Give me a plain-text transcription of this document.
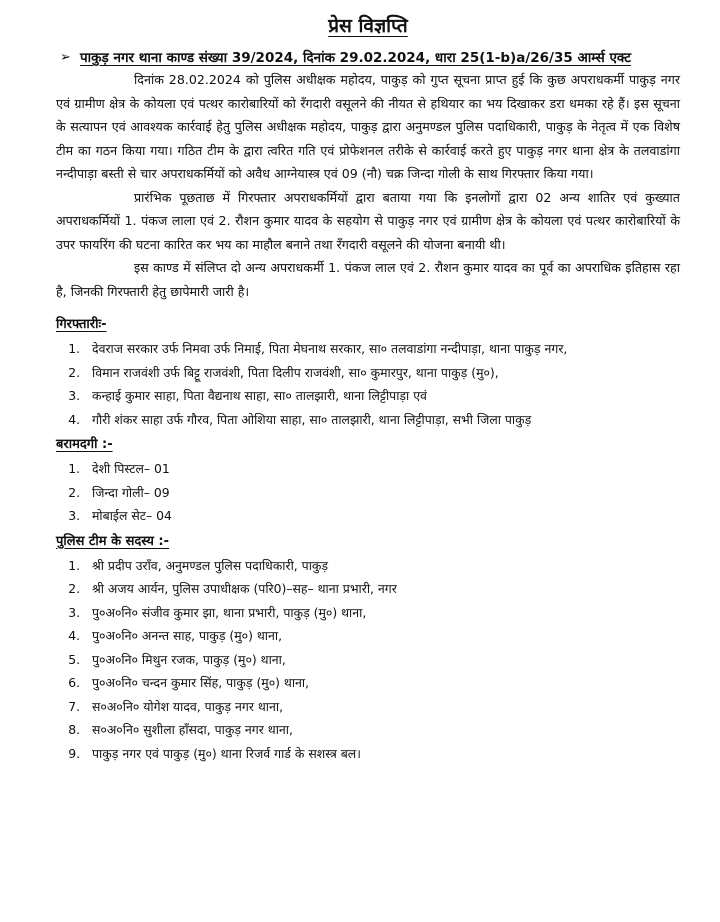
प्रेस विज्ञप्ति
➢ पाकुड़ नगर थाना काण्ड संख्या 39/2024, दिनांक 29.02.2024, धारा 25(1-b)a/26/35 आर्म्स एक्ट

दिनांक 28.02.2024 को पुलिस अधीक्षक महोदय, पाकुड़ को गुप्त सूचना प्राप्त हुई कि कुछ अपराधकर्मी पाकुड़ नगर एवं ग्रामीण क्षेत्र के कोयला एवं पत्थर कारोबारियों को रँगदारी वसूलने की नीयत से हथियार का भय दिखाकर डरा धमका रहे हैं। इस सूचना के सत्यापन एवं आवश्यक कार्रवाई हेतु पुलिस अधीक्षक महोदय, पाकुड़ द्वारा अनुमण्डल पुलिस पदाधिकारी, पाकुड़ के नेतृत्व में एक विशेष टीम का गठन किया गया। गठित टीम के द्वारा त्वरित गति एवं प्रोफेशनल तरीके से कार्रवाई करते हुए पाकुड़ नगर थाना क्षेत्र के तलवाडांगा नन्दीपाड़ा बस्ती से चार अपराधकर्मियों को अवैध आग्नेयास्त्र एवं 09 (नौ) चक्र जिन्दा गोली के साथ गिरफ्तार किया गया।

प्रारंभिक पूछताछ में गिरफ्तार अपराधकर्मियों द्वारा बताया गया कि इनलोगों द्वारा 02 अन्य शातिर एवं कुख्यात अपराधकर्मियों 1. पंकज लाला एवं 2. रौशन कुमार यादव के सहयोग से पाकुड़ नगर एवं ग्रामीण क्षेत्र के कोयला एवं पत्थर कारोबारियों के उपर फायरिंग की घटना कारित कर भय का माहौल बनाने तथा रँगदारी वसूलने की योजना बनायी थी।

इस काण्ड में संलिप्त दो अन्य अपराधकर्मी 1. पंकज लाल एवं 2. रौशन कुमार यादव का पूर्व का अपराधिक इतिहास रहा है, जिनकी गिरफ्तारी हेतु छापेमारी जारी है।

गिरफ्तारीः-
1. देवराज सरकार उर्फ निमवा उर्फ निमाई, पिता मेघनाथ सरकार, सा० तलवाडांगा नन्दीपाड़ा, थाना पाकुड़ नगर,
2. विमान राजवंशी उर्फ बिट्टू राजवंशी, पिता दिलीप राजवंशी, सा० कुमारपुर, थाना पाकुड़ (मु०),
3. कन्हाई कुमार साहा, पिता वैद्यनाथ साहा, सा० तालझारी, थाना लिट्टीपाड़ा एवं
4. गौरी शंकर साहा उर्फ गौरव, पिता ओशिया साहा, सा० तालझारी, थाना लिट्टीपाड़ा, सभी जिला पाकुड़
बरामदगी :-
1. देशी पिस्टल– 01
2. जिन्दा गोली– 09
3. मोबाईल सेट– 04
पुलिस टीम के सदस्य :-
1. श्री प्रदीप उराँव, अनुमण्डल पुलिस पदाधिकारी, पाकुड़
2. श्री अजय आर्यन, पुलिस उपाधीक्षक (परि0)–सह– थाना प्रभारी, नगर
3. पु०अ०नि० संजीव कुमार झा, थाना प्रभारी, पाकुड़ (मु०) थाना,
4. पु०अ०नि० अनन्त साह, पाकुड़ (मु०) थाना,
5. पु०अ०नि० मिथुन रजक, पाकुड़ (मु०) थाना,
6. पु०अ०नि० चन्दन कुमार सिंह, पाकुड़ (मु०) थाना,
7. स०अ०नि० योगेश यादव, पाकुड़ नगर थाना,
8. स०अ०नि० सुशीला हाँसदा, पाकुड़ नगर थाना,
9. पाकुड़ नगर एवं पाकुड़ (मु०) थाना रिजर्व गार्ड के सशस्त्र बल।
